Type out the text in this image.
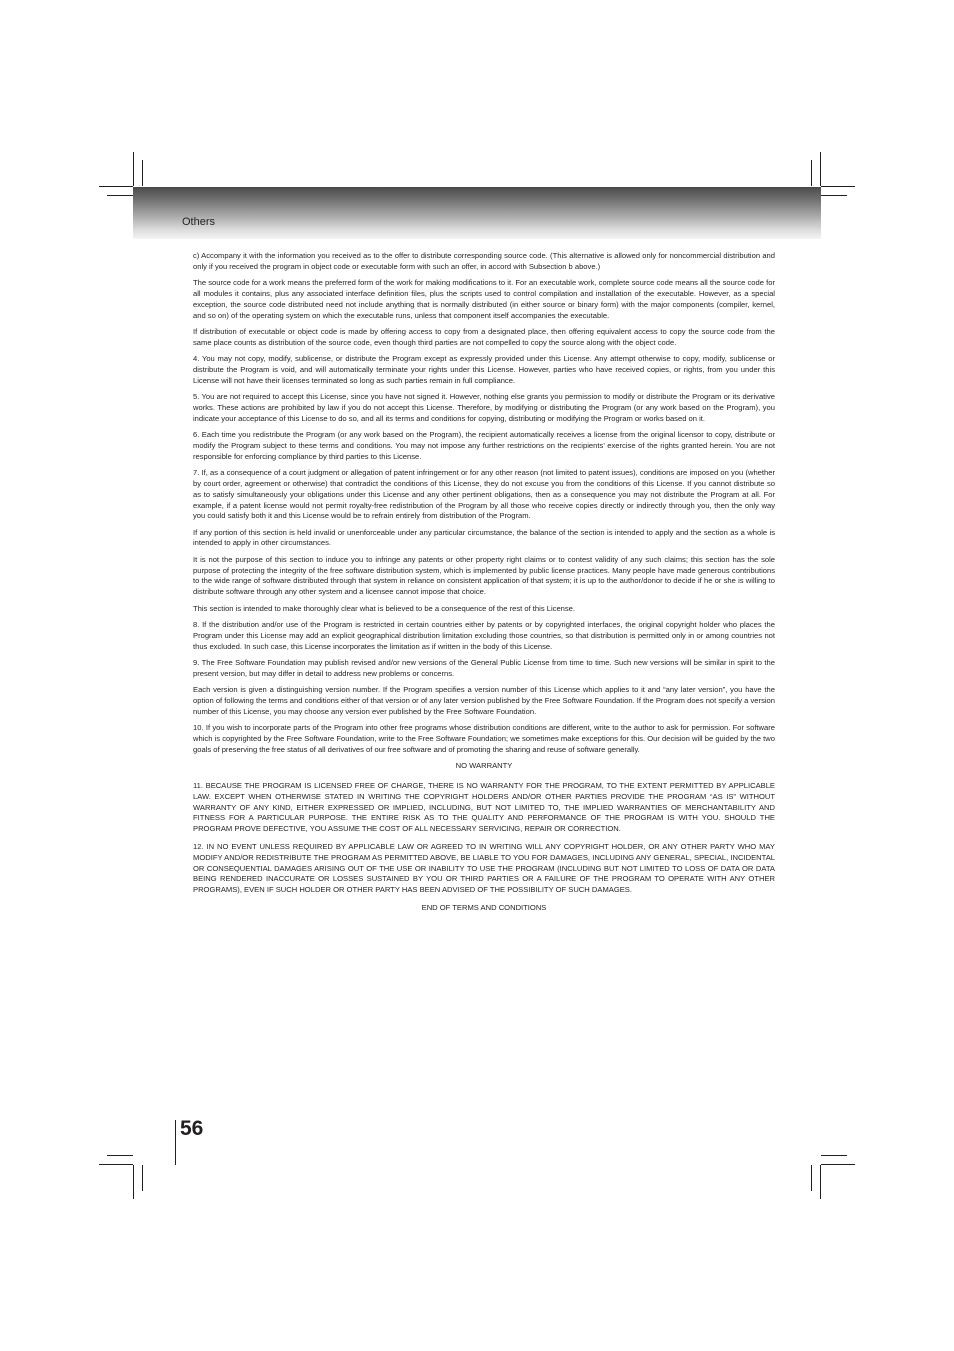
Others

c) Accompany it with the information you received as to the offer to distribute corresponding source code. (This alternative is allowed only for noncommercial distribution and only if you received the program in object code or executable form with such an offer, in accord with Subsection b above.)

The source code for a work means the preferred form of the work for making modifications to it. For an executable work, complete source code means all the source code for all modules it contains, plus any associated interface definition files, plus the scripts used to control compilation and installation of the executable. However, as a special exception, the source code distributed need not include anything that is normally distributed (in either source or binary form) with the major components (compiler, kernel, and so on) of the operating system on which the executable runs, unless that component itself accompanies the executable.

If distribution of executable or object code is made by offering access to copy from a designated place, then offering equivalent access to copy the source code from the same place counts as distribution of the source code, even though third parties are not compelled to copy the source along with the object code.

4. You may not copy, modify, sublicense, or distribute the Program except as expressly provided under this License. Any attempt otherwise to copy, modify, sublicense or distribute the Program is void, and will automatically terminate your rights under this License. However, parties who have received copies, or rights, from you under this License will not have their licenses terminated so long as such parties remain in full compliance.

5. You are not required to accept this License, since you have not signed it. However, nothing else grants you permission to modify or distribute the Program or its derivative works. These actions are prohibited by law if you do not accept this License. Therefore, by modifying or distributing the Program (or any work based on the Program), you indicate your acceptance of this License to do so, and all its terms and conditions for copying, distributing or modifying the Program or works based on it.

6. Each time you redistribute the Program (or any work based on the Program), the recipient automatically receives a license from the original licensor to copy, distribute or modify the Program subject to these terms and conditions. You may not impose any further restrictions on the recipients’ exercise of the rights granted herein. You are not responsible for enforcing compliance by third parties to this License.

7. If, as a consequence of a court judgment or allegation of patent infringement or for any other reason (not limited to patent issues), conditions are imposed on you (whether by court order, agreement or otherwise) that contradict the conditions of this License, they do not excuse you from the conditions of this License. If you cannot distribute so as to satisfy simultaneously your obligations under this License and any other pertinent obligations, then as a consequence you may not distribute the Program at all. For example, if a patent license would not permit royalty-free redistribution of the Program by all those who receive copies directly or indirectly through you, then the only way you could satisfy both it and this License would be to refrain entirely from distribution of the Program.

If any portion of this section is held invalid or unenforceable under any particular circumstance, the balance of the section is intended to apply and the section as a whole is intended to apply in other circumstances.

It is not the purpose of this section to induce you to infringe any patents or other property right claims or to contest validity of any such claims; this section has the sole purpose of protecting the integrity of the free software distribution system, which is implemented by public license practices. Many people have made generous contributions to the wide range of software distributed through that system in reliance on consistent application of that system; it is up to the author/donor to decide if he or she is willing to distribute software through any other system and a licensee cannot impose that choice.

This section is intended to make thoroughly clear what is believed to be a consequence of the rest of this License.

8. If the distribution and/or use of the Program is restricted in certain countries either by patents or by copyrighted interfaces, the original copyright holder who places the Program under this License may add an explicit geographical distribution limitation excluding those countries, so that distribution is permitted only in or among countries not thus excluded. In such case, this License incorporates the limitation as if written in the body of this License.

9. The Free Software Foundation may publish revised and/or new versions of the General Public License from time to time. Such new versions will be similar in spirit to the present version, but may differ in detail to address new problems or concerns.

Each version is given a distinguishing version number. If the Program specifies a version number of this License which applies to it and “any later version”, you have the option of following the terms and conditions either of that version or of any later version published by the Free Software Foundation. If the Program does not specify a version number of this License, you may choose any version ever published by the Free Software Foundation.

10. If you wish to incorporate parts of the Program into other free programs whose distribution conditions are different, write to the author to ask for permission. For software which is copyrighted by the Free Software Foundation, write to the Free Software Foundation; we sometimes make exceptions for this. Our decision will be guided by the two goals of preserving the free status of all derivatives of our free software and of promoting the sharing and reuse of software generally.

NO WARRANTY

11. BECAUSE THE PROGRAM IS LICENSED FREE OF CHARGE, THERE IS NO WARRANTY FOR THE PROGRAM, TO THE EXTENT PERMITTED BY APPLICABLE LAW. EXCEPT WHEN OTHERWISE STATED IN WRITING THE COPYRIGHT HOLDERS AND/OR OTHER PARTIES PROVIDE THE PROGRAM “AS IS” WITHOUT WARRANTY OF ANY KIND, EITHER EXPRESSED OR IMPLIED, INCLUDING, BUT NOT LIMITED TO, THE IMPLIED WARRANTIES OF MERCHANTABILITY AND FITNESS FOR A PARTICULAR PURPOSE. THE ENTIRE RISK AS TO THE QUALITY AND PERFORMANCE OF THE PROGRAM IS WITH YOU. SHOULD THE PROGRAM PROVE DEFECTIVE, YOU ASSUME THE COST OF ALL NECESSARY SERVICING, REPAIR OR CORRECTION.

12. IN NO EVENT UNLESS REQUIRED BY APPLICABLE LAW OR AGREED TO IN WRITING WILL ANY COPYRIGHT HOLDER, OR ANY OTHER PARTY WHO MAY MODIFY AND/OR REDISTRIBUTE THE PROGRAM AS PERMITTED ABOVE, BE LIABLE TO YOU FOR DAMAGES, INCLUDING ANY GENERAL, SPECIAL, INCIDENTAL OR CONSEQUENTIAL DAMAGES ARISING OUT OF THE USE OR INABILITY TO USE THE PROGRAM (INCLUDING BUT NOT LIMITED TO LOSS OF DATA OR DATA BEING RENDERED INACCURATE OR LOSSES SUSTAINED BY YOU OR THIRD PARTIES OR A FAILURE OF THE PROGRAM TO OPERATE WITH ANY OTHER PROGRAMS), EVEN IF SUCH HOLDER OR OTHER PARTY HAS BEEN ADVISED OF THE POSSIBILITY OF SUCH DAMAGES.

END OF TERMS AND CONDITIONS

56
